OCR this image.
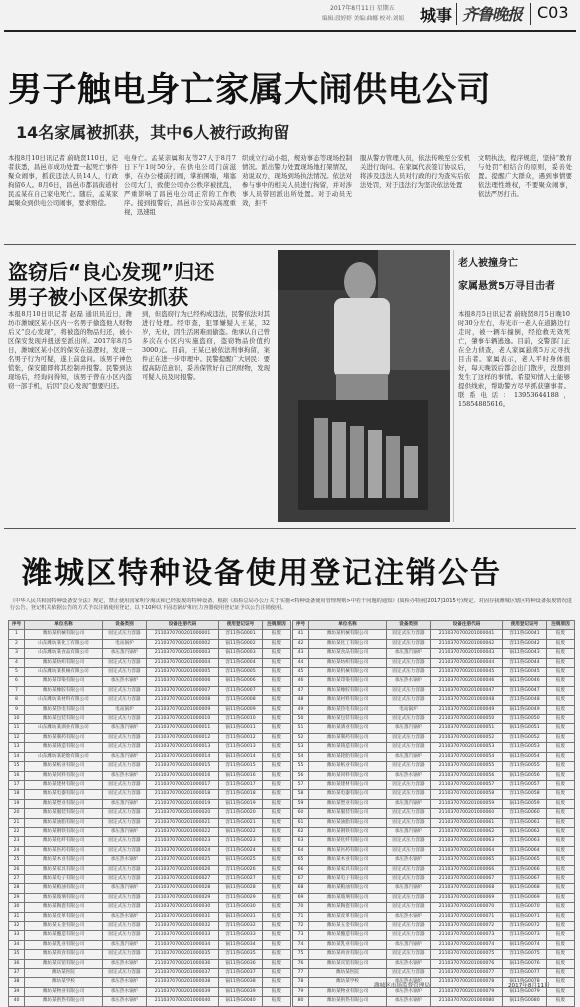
2017年8月11日 星期五
编辑:段婷婷 美编:曲娜 校对:刘娟 城事 齐鲁晚报 C03
男子触电身亡家属大闹供电公司
14名家属被抓获，其中6人被行政拘留
本报8月10日讯记者 蔚晓贤110日，记者获悉，昌邑市成功处置一起死亡事件聚众闹事，抓获违法人员14人，行政拘留6人。8月6日，昌邑市都昌街道村民孟某在自己家电死亡。随后，孟某家属聚众到供电公司闹事，要求赔偿。
电身亡。孟某亲属和友等27人于8月7日下午1时50分，在供电公司门前滋事，在办公楼前打闹，掌拍围墙，堵塞公司大门，致使公司办公秩序被扰乱，严重影响了昌邑电公司正常的工作秩序。接到报警后，昌邑市公安局高度重视，迅速组
织成立行动小组，规劝事态等现场控制情况。派出警力处置现场地打架情况，劝说双方，现场到场执法情况。依法对参与事中的相关人员进行拘留，并对涉事人员带回派出所处置。对于动员无效，拒不
服从警方管理人员，依法传唤至公安机关进行询问。在家属代表签订协议后，将涉及违法人员对行政的行为查实后依法处罚，对于违法行为坚决依法处置
文明执法，程序规范，坚持“教育与处罚”相结合的原则，妥善处置。提醒广大群众，遇到事情要依法理性维权，不要聚众闹事，依法严厉打击。
盗窃后“良心发现”归还
男子被小区保安抓获
本报8月10日讯记者 赵磊 通讯员近日，潍坊市潍城区某小区内一名男子偷盗他人财物后又“良心发现”，将被盗的物品归还，被小区保安发现并扭送至派出所。2017年8月5日，潍城区某小区的保安在巡逻时，发现一名男子行为可疑，遂上前盘问。该男子神色慌张，保安随即将其控制并报警。民警到达现场后，经询问得知，该男子曾在小区内盗窃一部手机，后因“良心发现”想要归还。
到，但盗窃行为已经构成违法，民警依法对其进行处理。经审查，犯罪嫌疑人王某，32岁，无业，因生活困难而偷盗。他承认自己曾多次在小区内实施盗窃，盗窃物品价值约3000元。目前，王某已被依法刑事拘留，案件正在进一步审理中。民警提醒广大居民：要提高防范意识，妥善保管好自己的财物，发现可疑人员及时报警。
老人被撞身亡
家属悬赏5万寻目击者
本报8月5日讯记者 蔚晓贤8月5日晚10时30分左右，寿光市一老人在道路边行走时，被一辆车撞倒，经抢救无效死亡，肇事车辆逃逸。目前，交警部门正在全力侦查，老人家属悬赏5万元寻找目击者。家属表示，老人平时身体很好，每天晚饭后都会出门散步，没想到发生了这样的事情。希望知情人士能够提供线索，帮助警方尽早抓获肇事者。联系电话：13953644188，15854885616。
潍城区特种设备使用登记注销公告
《中华人民共和国特种设备安全法》规定，禁止使用国家明令淘汰和已经报废的特种设备。根据《质检总局办公厅关于实施<特种设备使用管理规则>中若干问题的通知》(质检办特函[2017]1015号)规定，对固存我潍城区辖区特种设备报废情况进行公告。登记机关依据公告的方式予以注销使用登记，以下10种以下固态锅炉和压力容器使用登记证予以公告注销使用。
序号	单位名称	设备类别	设备注册代码	使用登记证号	注销原因
1	潍坊某机械有限公司	固定式压力容器	2110370700201000001	容11鲁G0001	报废
2	山东潍坊某化工有限公司	电站锅炉	2110370700201000002	锅11鲁G0002	报废
3	山东潍坊某食品有限公司	承压蒸汽锅炉	2110370700201000003	锅11鲁G0003	报废
4	潍坊某纺织有限公司	固定式压力容器	2110370700201000004	容11鲁G0004	报废
5	山东潍坊某机械有限公司	固定式压力容器	2110370700201000005	容11鲁G0005	报废
6	潍坊某印染有限公司	承压热水锅炉	2110370700201000006	锅11鲁G0006	报废
7	潍坊某橡胶有限公司	固定式压力容器	2110370700201000007	容11鲁G0007	报废
8	山东潍坊某材料有限公司	固定式压力容器	2110370700201000008	容11鲁G0008	报废
9	潍坊某热电有限公司	电站锅炉	2110370700201000009	锅11鲁G0009	报废
10	潍坊某包装有限公司	固定式压力容器	2110370700201000010	容11鲁G0010	报废
11	山东潍坊某酒业有限公司	承压蒸汽锅炉	2110370700201000011	锅11鲁G0011	报废
12	潍坊某制药有限公司	固定式压力容器	2110370700201000012	容11鲁G0012	报废
13	潍坊某铸造有限公司	固定式压力容器	2110370700201000013	容11鲁G0013	报废
14	山东潍坊某轮胎有限公司	承压蒸汽锅炉	2110370700201000014	锅11鲁G0014	报废
15	潍坊某纸业有限公司	固定式压力容器	2110370700201000015	容11鲁G0015	报废
16	潍坊某饲料有限公司	承压热水锅炉	2110370700201000016	锅11鲁G0016	报废
17	潍坊某建材有限公司	固定式压力容器	2110370700201000017	容11鲁G0017	报废
18	潍坊某电器有限公司	固定式压力容器	2110370700201000018	容11鲁G0018	报废
19	潍坊某塑业有限公司	承压蒸汽锅炉	2110370700201000019	锅11鲁G0019	报废
20	潍坊某服装有限公司	固定式压力容器	2110370700201000020	容11鲁G0020	报废
21	潍坊某油脂有限公司	固定式压力容器	2110370700201000021	容11鲁G0021	报废
22	潍坊某钢铁有限公司	承压蒸汽锅炉	2110370700201000022	锅11鲁G0022	报废
23	潍坊某化纤有限公司	固定式压力容器	2110370700201000023	容11鲁G0023	报废
24	潍坊某医药有限公司	固定式压力容器	2110370700201000024	容11鲁G0024	报废
25	潍坊某木业有限公司	承压热水锅炉	2110370700201000025	锅11鲁G0025	报废
26	潍坊某家具有限公司	固定式压力容器	2110370700201000026	容11鲁G0026	报废
27	潍坊某电子有限公司	固定式压力容器	2110370700201000027	容11鲁G0027	报废
28	潍坊某粮油有限公司	承压蒸汽锅炉	2110370700201000028	锅11鲁G0028	报废
29	潍坊某玻璃有限公司	固定式压力容器	2110370700201000029	容11鲁G0029	报废
30	潍坊某陶瓷有限公司	固定式压力容器	2110370700201000030	容11鲁G0030	报废
31	潍坊某皮革有限公司	承压热水锅炉	2110370700201000031	锅11鲁G0031	报废
32	潍坊某五金有限公司	固定式压力容器	2110370700201000032	容11鲁G0032	报废
33	潍坊某酿造有限公司	固定式压力容器	2110370700201000033	容11鲁G0033	报废
34	潍坊某乳业有限公司	承压蒸汽锅炉	2110370700201000034	锅11鲁G0034	报废
35	潍坊某肉食有限公司	固定式压力容器	2110370700201000035	容11鲁G0035	报废
36	潍坊某宾馆有限公司	承压热水锅炉	2110370700201000036	锅11鲁G0036	报废
37	潍坊某医院	固定式压力容器	2110370700201000037	容11鲁G0037	报废
38	潍坊某学校	承压热水锅炉	2110370700201000038	锅11鲁G0038	报废
39	潍坊某物业有限公司	承压热水锅炉	2110370700201000039	锅11鲁G0039	报废
40	潍坊某供热有限公司	承压热水锅炉	2110370700201000040	锅11鲁G0040	报废
序号	单位名称	设备类别	设备注册代码	使用登记证号	注销原因
41	潍坊某机械有限公司	固定式压力容器	2110370700201000041	容11鲁G0041	报废
42	潍坊某化工有限公司	固定式压力容器	2110370700201000042	容11鲁G0042	报废
43	潍坊某食品有限公司	承压蒸汽锅炉	2110370700201000043	锅11鲁G0043	报废
44	潍坊某纺织有限公司	固定式压力容器	2110370700201000044	容11鲁G0044	报废
45	潍坊某机械有限公司	固定式压力容器	2110370700201000045	容11鲁G0045	报废
46	潍坊某印染有限公司	承压热水锅炉	2110370700201000046	锅11鲁G0046	报废
47	潍坊某橡胶有限公司	固定式压力容器	2110370700201000047	容11鲁G0047	报废
48	潍坊某材料有限公司	固定式压力容器	2110370700201000048	容11鲁G0048	报废
49	潍坊某热电有限公司	电站锅炉	2110370700201000049	锅11鲁G0049	报废
50	潍坊某包装有限公司	固定式压力容器	2110370700201000050	容11鲁G0050	报废
51	潍坊某酒业有限公司	承压蒸汽锅炉	2110370700201000051	锅11鲁G0051	报废
52	潍坊某制药有限公司	固定式压力容器	2110370700201000052	容11鲁G0052	报废
53	潍坊某铸造有限公司	固定式压力容器	2110370700201000053	容11鲁G0053	报废
54	潍坊某轮胎有限公司	承压蒸汽锅炉	2110370700201000054	锅11鲁G0054	报废
55	潍坊某纸业有限公司	固定式压力容器	2110370700201000055	容11鲁G0055	报废
56	潍坊某饲料有限公司	承压热水锅炉	2110370700201000056	锅11鲁G0056	报废
57	潍坊某建材有限公司	固定式压力容器	2110370700201000057	容11鲁G0057	报废
58	潍坊某电器有限公司	固定式压力容器	2110370700201000058	容11鲁G0058	报废
59	潍坊某塑业有限公司	承压蒸汽锅炉	2110370700201000059	锅11鲁G0059	报废
60	潍坊某服装有限公司	固定式压力容器	2110370700201000060	容11鲁G0060	报废
61	潍坊某油脂有限公司	固定式压力容器	2110370700201000061	容11鲁G0061	报废
62	潍坊某钢铁有限公司	承压蒸汽锅炉	2110370700201000062	锅11鲁G0062	报废
63	潍坊某化纤有限公司	固定式压力容器	2110370700201000063	容11鲁G0063	报废
64	潍坊某医药有限公司	固定式压力容器	2110370700201000064	容11鲁G0064	报废
65	潍坊某木业有限公司	承压热水锅炉	2110370700201000065	锅11鲁G0065	报废
66	潍坊某家具有限公司	固定式压力容器	2110370700201000066	容11鲁G0066	报废
67	潍坊某电子有限公司	固定式压力容器	2110370700201000067	容11鲁G0067	报废
68	潍坊某粮油有限公司	承压蒸汽锅炉	2110370700201000068	锅11鲁G0068	报废
69	潍坊某玻璃有限公司	固定式压力容器	2110370700201000069	容11鲁G0069	报废
70	潍坊某陶瓷有限公司	固定式压力容器	2110370700201000070	容11鲁G0070	报废
71	潍坊某皮革有限公司	承压热水锅炉	2110370700201000071	锅11鲁G0071	报废
72	潍坊某五金有限公司	固定式压力容器	2110370700201000072	容11鲁G0072	报废
73	潍坊某酿造有限公司	固定式压力容器	2110370700201000073	容11鲁G0073	报废
74	潍坊某乳业有限公司	承压蒸汽锅炉	2110370700201000074	锅11鲁G0074	报废
75	潍坊某肉食有限公司	固定式压力容器	2110370700201000075	容11鲁G0075	报废
76	潍坊某宾馆有限公司	承压热水锅炉	2110370700201000076	锅11鲁G0076	报废
77	潍坊某医院	固定式压力容器	2110370700201000077	容11鲁G0077	报废
78	潍坊某学校	承压热水锅炉	2110370700201000078	锅11鲁G0078	报废
79	潍坊某物业有限公司	承压热水锅炉	2110370700201000079	锅11鲁G0079	报废
80	潍坊某供热有限公司	承压热水锅炉	2110370700201000080	锅11鲁G0080	报废
潍城区市场监督管理局	2017年8月11日
